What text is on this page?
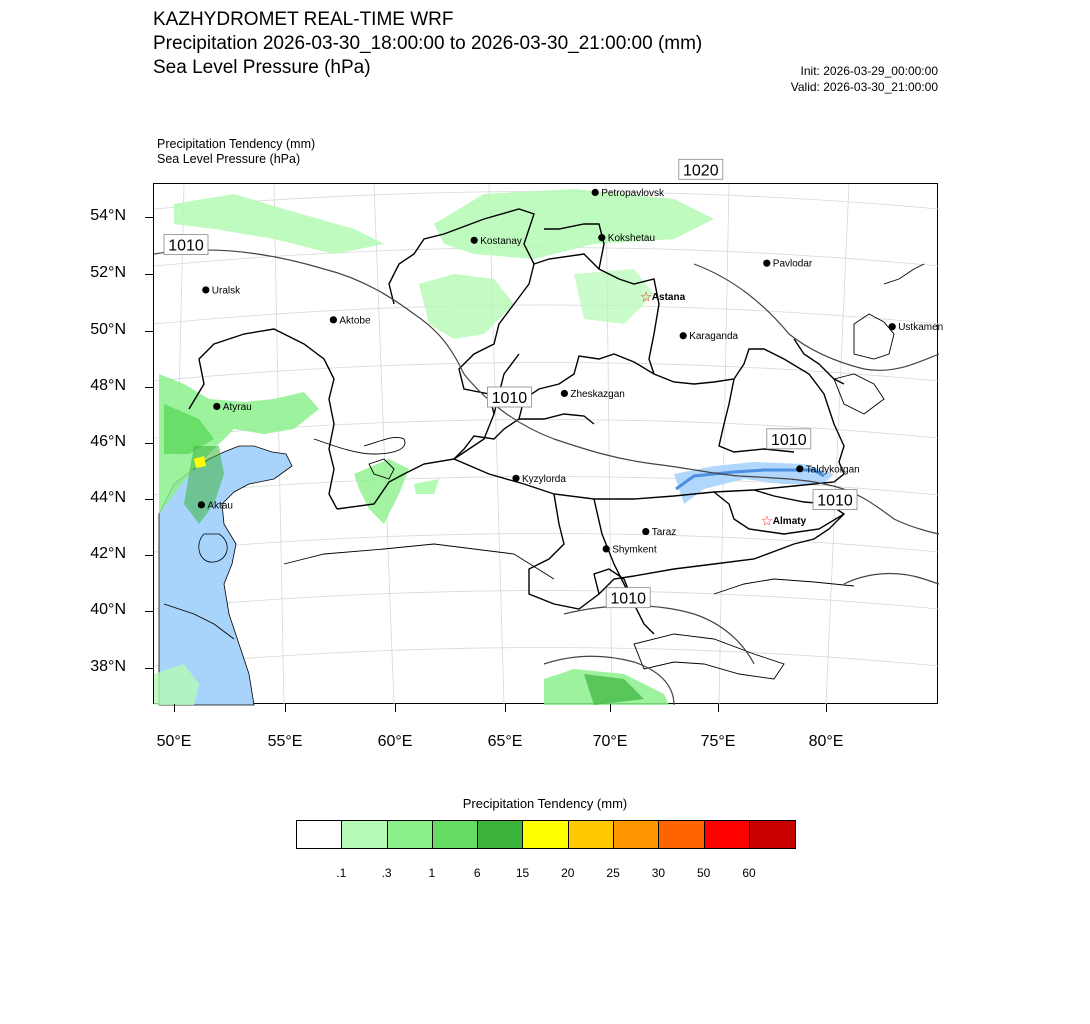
KAZHYDROMET REAL-TIME WRF
Precipitation 2026-03-30_18:00:00 to 2026-03-30_21:00:00 (mm)
Sea Level Pressure (hPa)	Init: 2026-03-29_00:00:00
Valid: 2026-03-30_21:00:00
Precipitation Tendency (mm)
Sea Level Pressure (hPa)
1010
1020
1010
1010
1010
1010
Petropavlovsk
Kostanay	Kokshetau
Uralsk
Pavlodar
☆ Astana
Aktobe
Ustkamen
Karaganda
Atyrau
Zheskazgan
Taldykorgan
Aktau
Kyzylorda
☆ Almaty
Taraz
Shymkent
54°N
52°N
50°N
48°N
46°N
44°N
42°N
40°N
38°N
50°E	55°E	60°E	65°E	70°E	75°E	80°E
Precipitation Tendency (mm)
.1	.3	1	6	15	20	25	30	50	60
